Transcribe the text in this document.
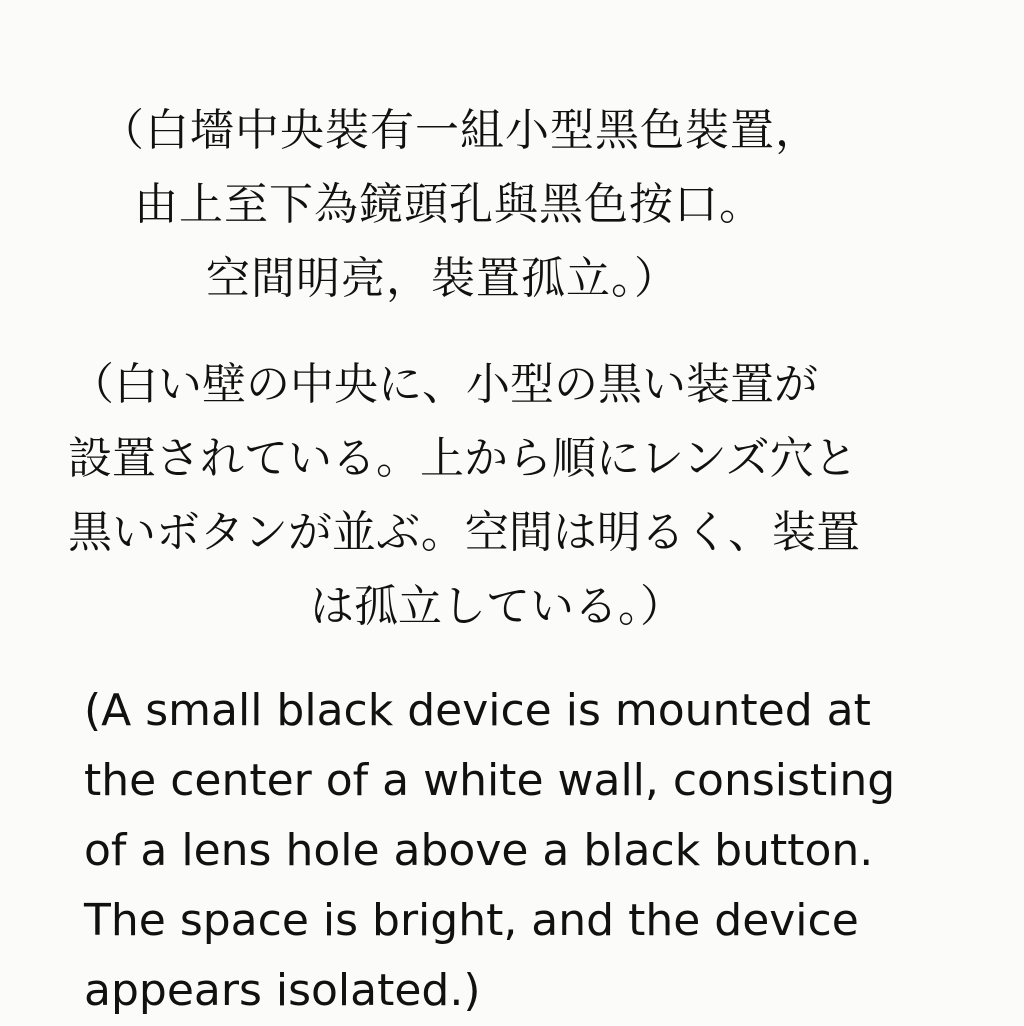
（白墻中央裝有一組小型黑色裝置，

由上至下為鏡頭孔與黑色按口。

空間明亮，裝置孤立。）

（白い壁の中央に、小型の黒い装置が

設置されている。上から順にレンズ穴と

黒いボタンが並ぶ。空間は明るく、装置

は孤立している。）

(A small black device is mounted at

the center of a white wall, consisting

of a lens hole above a black button.

The space is bright, and the device

appears isolated.)
